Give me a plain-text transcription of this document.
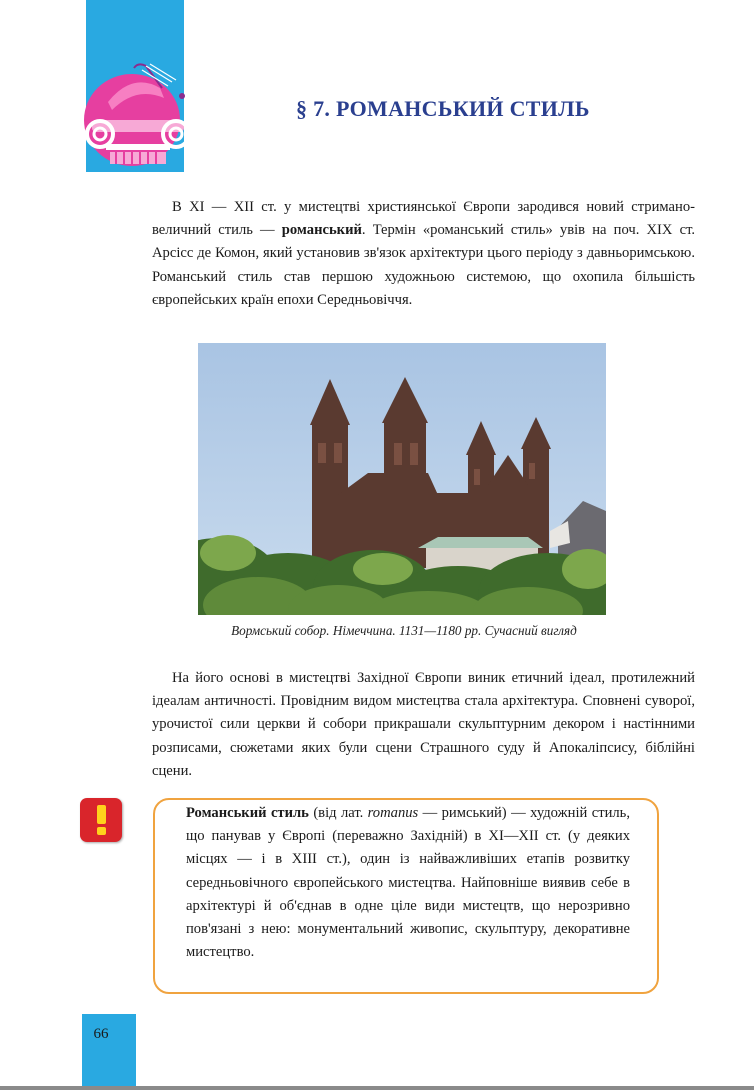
§ 7. РОМАНСЬКИЙ СТИЛЬ

В XI — XII ст. у мистецтві християнської Європи зародився новий стримано-величний стиль — романський. Термін «романський стиль» увів на поч. XIX ст. Арсісс де Комон, який установив зв'язок архітектури цього періоду з давньоримською. Романський стиль став першою художньою системою, що охопила більшість європейських країн епохи Середньовіччя.

Вормський собор. Німеччина. 1131—1180 рр. Сучасний вигляд

На його основі в мистецтві Західної Європи виник етичний ідеал, протилежний ідеалам античності. Провідним видом мистецтва стала архітектура. Сповнені суворої, урочистої сили церкви й собори прикрашали скульптурним декором і настінними розписами, сюжетами яких були сцени Страшного суду й Апокаліпсису, біблійні сцени.

Романський стиль (від лат. romanus — римський) — художній стиль, що панував у Європі (переважно Західній) в XI—XII ст. (у деяких місцях — і в XIII ст.), один із найважливіших етапів розвитку середньовічного європейського мистецтва. Найповніше виявив себе в архітектурі й об'єднав в одне ціле види мистецтв, що нерозривно пов'язані з нею: монументальний живопис, скульптуру, декоративне мистецтво.

66
